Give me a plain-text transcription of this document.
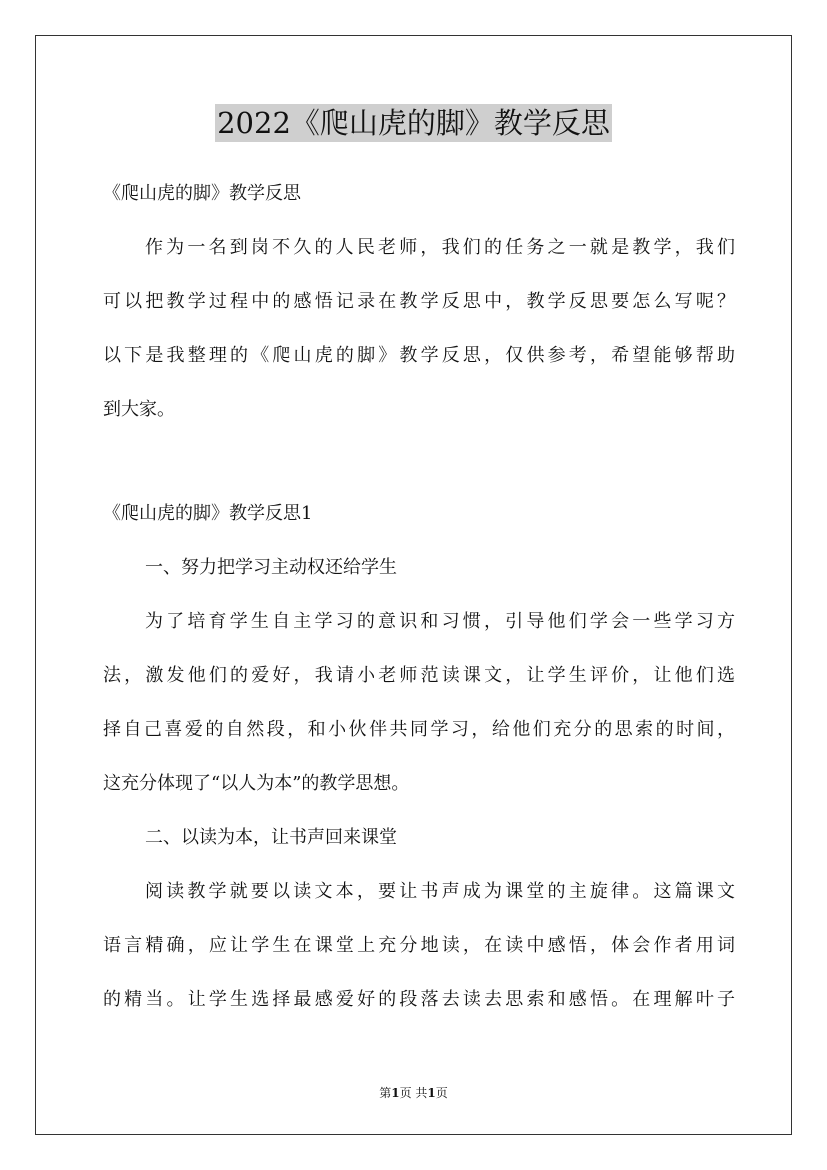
2022《爬山虎的脚》教学反思
《爬山虎的脚》教学反思
作为一名到岗不久的人民老师，我们的任务之一就是教学，我们
可以把教学过程中的感悟记录在教学反思中，教学反思要怎么写呢？
以下是我整理的《爬山虎的脚》教学反思，仅供参考，希望能够帮助
到大家。
《爬山虎的脚》教学反思1
一、努力把学习主动权还给学生
为了培育学生自主学习的意识和习惯，引导他们学会一些学习方
法，激发他们的爱好，我请小老师范读课文，让学生评价，让他们选
择自己喜爱的自然段，和小伙伴共同学习，给他们充分的思索的时间，
这充分体现了“以人为本”的教学思想。
二、以读为本，让书声回来课堂
阅读教学就要以读文本，要让书声成为课堂的主旋律。这篇课文
语言精确，应让学生在课堂上充分地读，在读中感悟，体会作者用词
的精当。让学生选择最感爱好的段落去读去思索和感悟。在理解叶子
第1页 共1页
